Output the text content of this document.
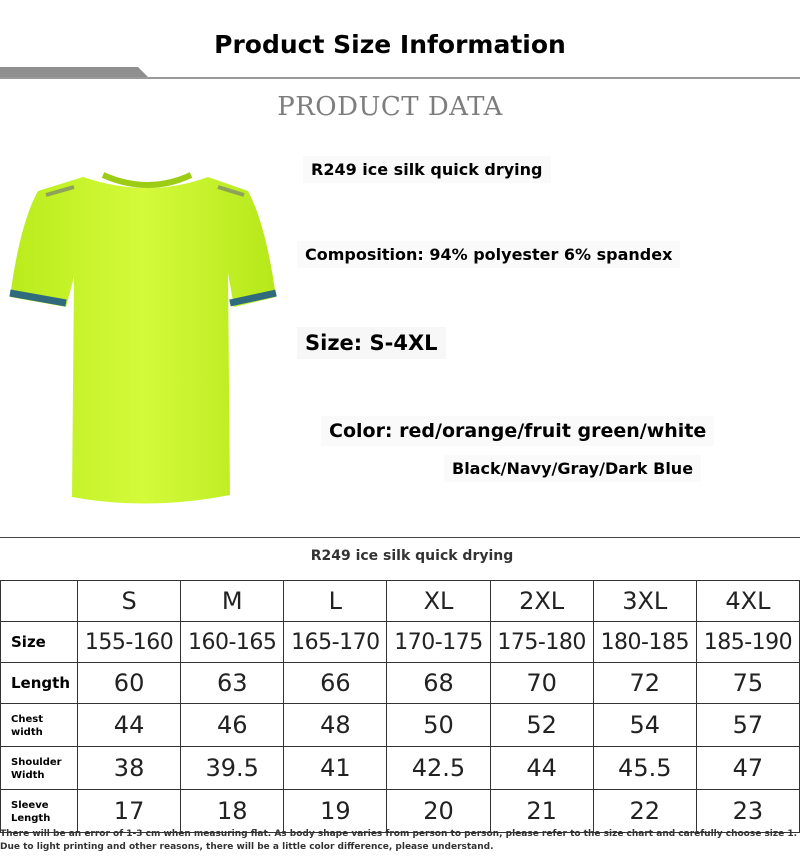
Product Size Information
PRODUCT DATA
R249 ice silk quick drying
Composition: 94% polyester 6% spandex
Size: S-4XL
Color: red/orange/fruit green/white
Black/Navy/Gray/Dark Blue
R249 ice silk quick drying
	S	M	L	XL	2XL	3XL	4XL
Size	155-160	160-165	165-170	170-175	175-180	180-185	185-190
Length	60	63	66	68	70	72	75
Chest
width	44	46	48	50	52	54	57
Shoulder
Width	38	39.5	41	42.5	44	45.5	47
Sleeve
Length	17	18	19	20	21	22	23
There will be an error of 1-3 cm when measuring flat. As body shape varies from person to person, please refer to the size chart and carefully choose size 1. Due to light printing and other reasons, there will be a little color difference, please understand.
